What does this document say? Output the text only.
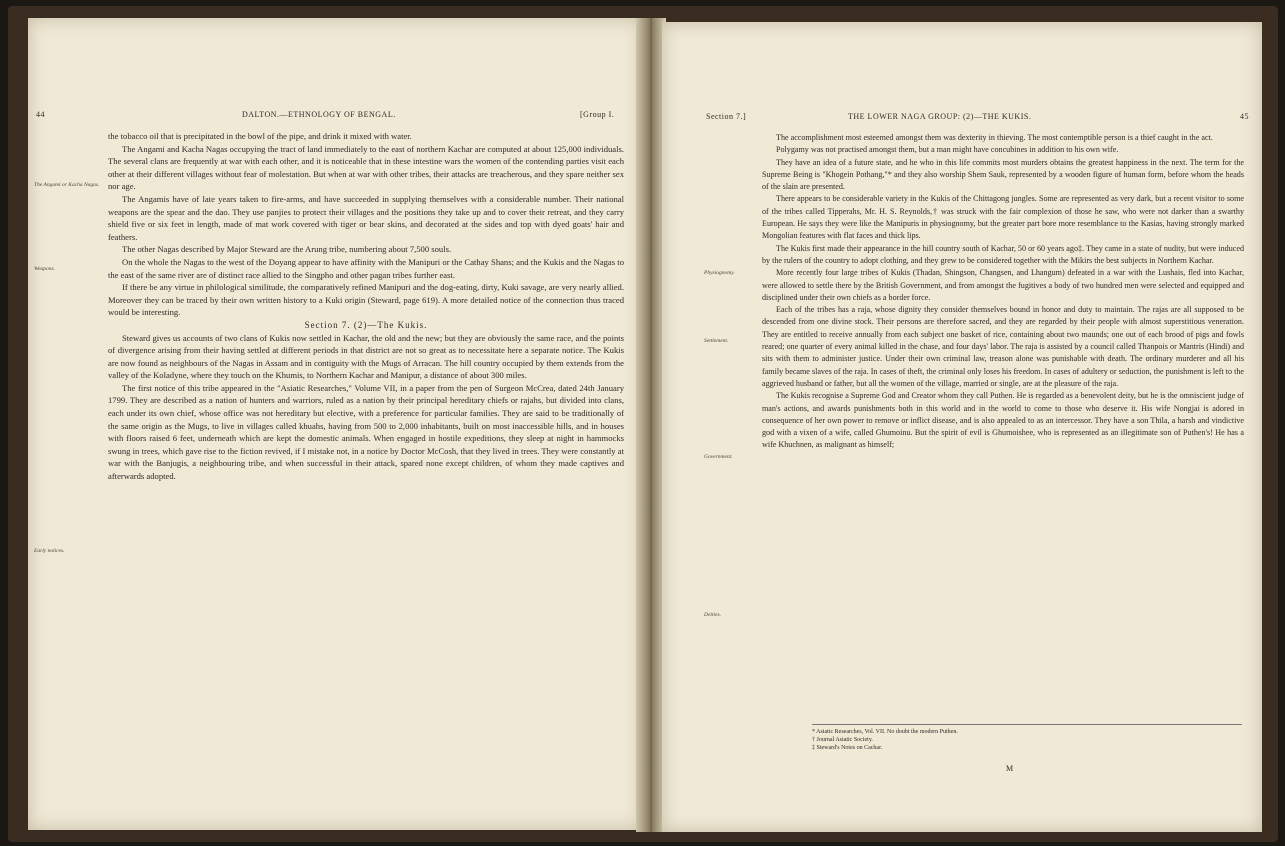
44	DALTON.—ETHNOLOGY OF BENGAL.	[Group I.
The Angami or Kacha Nagas.
Weapons.
Early notices.

the tobacco oil that is precipitated in the bowl of the pipe, and drink it mixed with water.

The Angami and Kacha Nagas occupying the tract of land immediately to the east of northern Kachar are computed at about 125,000 individuals. The several clans are frequently at war with each other, and it is noticeable that in these intestine wars the women of the contending parties visit each other at their different villages without fear of molestation. But when at war with other tribes, their attacks are treacherous, and they spare neither sex nor age.

The Angamis have of late years taken to fire-arms, and have succeeded in supplying themselves with a considerable number. Their national weapons are the spear and the dao. They use panjies to protect their villages and the positions they take up and to cover their retreat, and they carry shield five or six feet in length, made of mat work covered with tiger or bear skins, and decorated at the sides and top with dyed goats' hair and feathers.

The other Nagas described by Major Steward are the Arung tribe, numbering about 7,500 souls.

On the whole the Nagas to the west of the Doyang appear to have affinity with the Manipuri or the Cathay Shans; and the Kukis and the Nagas to the east of the same river are of distinct race allied to the Singpho and other pagan tribes further east.

If there be any virtue in philological similitude, the comparatively refined Manipuri and the dog-eating, dirty, Kuki savage, are very nearly allied. Moreover they can be traced by their own written history to a Kuki origin (Steward, page 619). A more detailed notice of the connection thus traced would be interesting.

Section 7. (2)—The Kukis.

Steward gives us accounts of two clans of Kukis now settled in Kachar, the old and the new; but they are obviously the same race, and the points of divergence arising from their having settled at different periods in that district are not so great as to necessitate here a separate notice. The Kukis are now found as neighbours of the Nagas in Assam and in contiguity with the Mugs of Arracan. The hill country occupied by them extends from the valley of the Koladyne, where they touch on the Khumis, to Northern Kachar and Manipur, a distance of about 300 miles.

The first notice of this tribe appeared in the "Asiatic Researches," Volume VII, in a paper from the pen of Surgeon McCrea, dated 24th January 1799. They are described as a nation of hunters and warriors, ruled as a nation by their principal hereditary chiefs or rajahs, but divided into clans, each under its own chief, whose office was not hereditary but elective, with a preference for particular families. They are said to be traditionally of the same origin as the Mugs, to live in villages called khuahs, having from 500 to 2,000 inhabitants, built on most inaccessible hills, and in houses with floors raised 6 feet, underneath which are kept the domestic animals. When engaged in hostile expeditions, they sleep at night in hammocks swung in trees, which gave rise to the fiction revived, if I mistake not, in a notice by Doctor McCosh, that they lived in trees. They were constantly at war with the Banjugis, a neighbouring tribe, and when successful in their attack, spared none except children, of whom they made captives and afterwards adopted.

Section 7.]	THE LOWER NAGA GROUP: (2)—THE KUKIS.	45
Physiognomy.
Settlement.
Government.
Deities.

The accomplishment most esteemed amongst them was dexterity in thieving. The most contemptible person is a thief caught in the act.

Polygamy was not practised amongst them, but a man might have concubines in addition to his own wife.

They have an idea of a future state, and he who in this life commits most murders obtains the greatest happiness in the next. The term for the Supreme Being is "Khogein Pothang,"* and they also worship Shem Sauk, represented by a wooden figure of human form, before whom the heads of the slain are presented.

There appears to be considerable variety in the Kukis of the Chittagong jungles. Some are represented as very dark, but a recent visitor to some of the tribes called Tipperahs, Mr. H. S. Reynolds,† was struck with the fair complexion of those he saw, who were not darker than a swarthy European. He says they were like the Manipuris in physiognomy, but the greater part bore more resemblance to the Kasias, having strongly marked Mongolian features with flat faces and thick lips.

The Kukis first made their appearance in the hill country south of Kachar, 50 or 60 years ago‡. They came in a state of nudity, but were induced by the rulers of the country to adopt clothing, and they grew to be considered together with the Mikirs the best subjects in Northern Kachar.

More recently four large tribes of Kukis (Thadan, Shingson, Changsen, and Lhangum) defeated in a war with the Lushais, fled into Kachar, were allowed to settle there by the British Government, and from amongst the fugitives a body of two hundred men were selected and equipped and disciplined under their own chiefs as a border force.

Each of the tribes has a raja, whose dignity they consider themselves bound in honor and duty to maintain. The rajas are all supposed to be descended from one divine stock. Their persons are therefore sacred, and they are regarded by their people with almost superstitious veneration. They are entitled to receive annually from each subject one basket of rice, containing about two maunds; one out of each brood of pigs and fowls reared; one quarter of every animal killed in the chase, and four days' labor. The raja is assisted by a council called Thanpois or Mantris (Hindi) and sits with them to administer justice. Under their own criminal law, treason alone was punishable with death. The ordinary murderer and all his family became slaves of the raja. In cases of theft, the criminal only loses his freedom. In cases of adultery or seduction, the punishment is left to the aggrieved husband or father, but all the women of the village, married or single, are at the pleasure of the raja.

The Kukis recognise a Supreme God and Creator whom they call Puthen. He is regarded as a benevolent deity, but he is the omniscient judge of man's actions, and awards punishments both in this world and in the world to come to those who deserve it. His wife Nongjai is adored in consequence of her own power to remove or inflict disease, and is also appealed to as an intercessor. They have a son Thila, a harsh and vindictive god with a vixen of a wife, called Ghumoinu. But the spirit of evil is Ghumoishee, who is represented as an illegitimate son of Puthen's! He has a wife Khuchnen, as malignant as himself;

* Asiatic Researches, Vol. VII. No doubt the modern Puthen.
† Journal Asiatic Society.
‡ Steward's Notes on Cachar.
M
